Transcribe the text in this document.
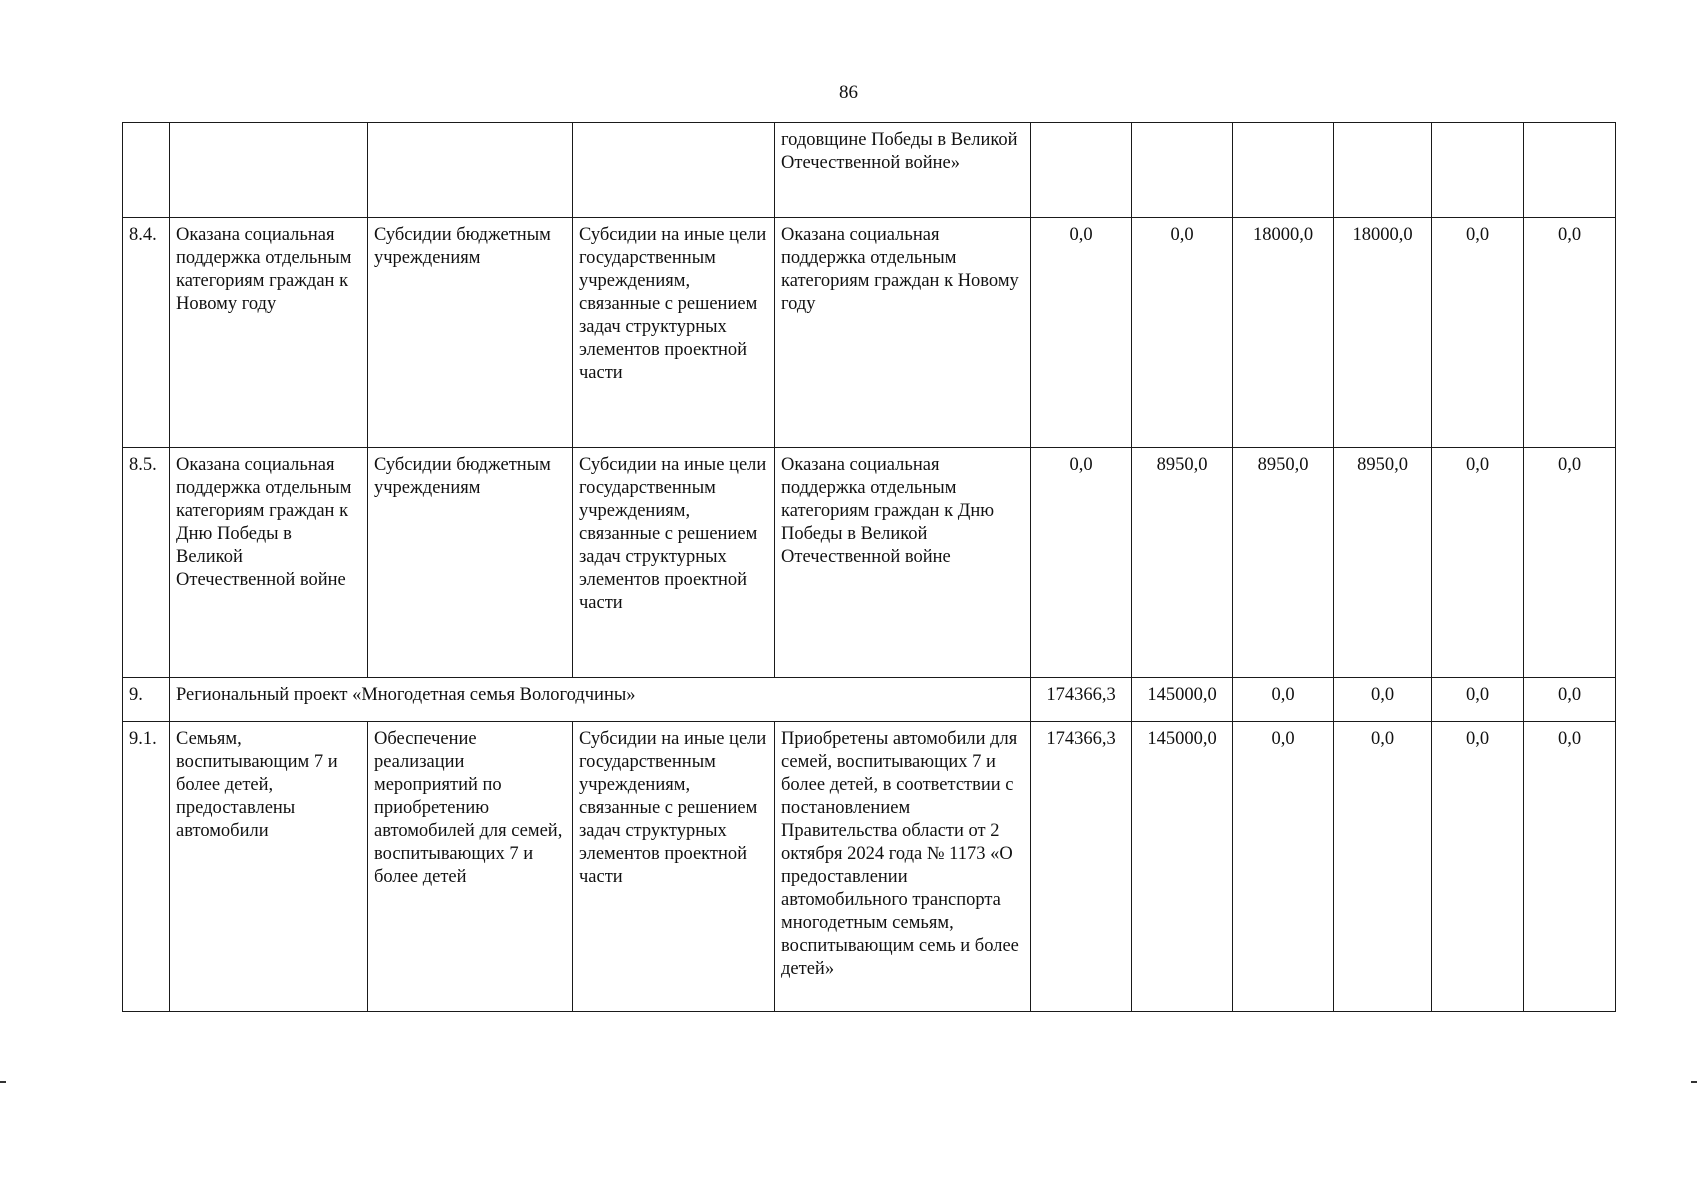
86
				годовщине Победы в Великой Отечественной войне»						
8.4.	Оказана социальная поддержка отдельным категориям граждан к Новому году	Субсидии бюджетным учреждениям	Субсидии на иные цели государственным учреждениям, связанные с решением задач структурных элементов проектной части	Оказана социальная поддержка отдельным категориям граждан к Новому году	0,0	0,0	18000,0	18000,0	0,0	0,0
8.5.	Оказана социальная поддержка отдельным категориям граждан к Дню Победы в Великой Отечественной войне	Субсидии бюджетным учреждениям	Субсидии на иные цели государственным учреждениям, связанные с решением задач структурных элементов проектной части	Оказана социальная поддержка отдельным категориям граждан к Дню Победы в Великой Отечественной войне	0,0	8950,0	8950,0	8950,0	0,0	0,0
9.	Региональный проект «Многодетная семья Вологодчины»				174366,3	145000,0	0,0	0,0	0,0	0,0
9.1.	Семьям, воспитывающим 7 и более детей, предоставлены автомобили	Обеспечение реализации мероприятий по приобретению автомобилей для семей, воспитывающих 7 и более детей	Субсидии на иные цели государственным учреждениям, связанные с решением задач структурных элементов проектной части	Приобретены автомобили для семей, воспитывающих 7 и более детей, в соответствии с постановлением Правительства области от 2 октября 2024 года № 1173 «О предоставлении автомобильного транспорта многодетным семьям, воспитывающим семь и более детей»	174366,3	145000,0	0,0	0,0	0,0	0,0
